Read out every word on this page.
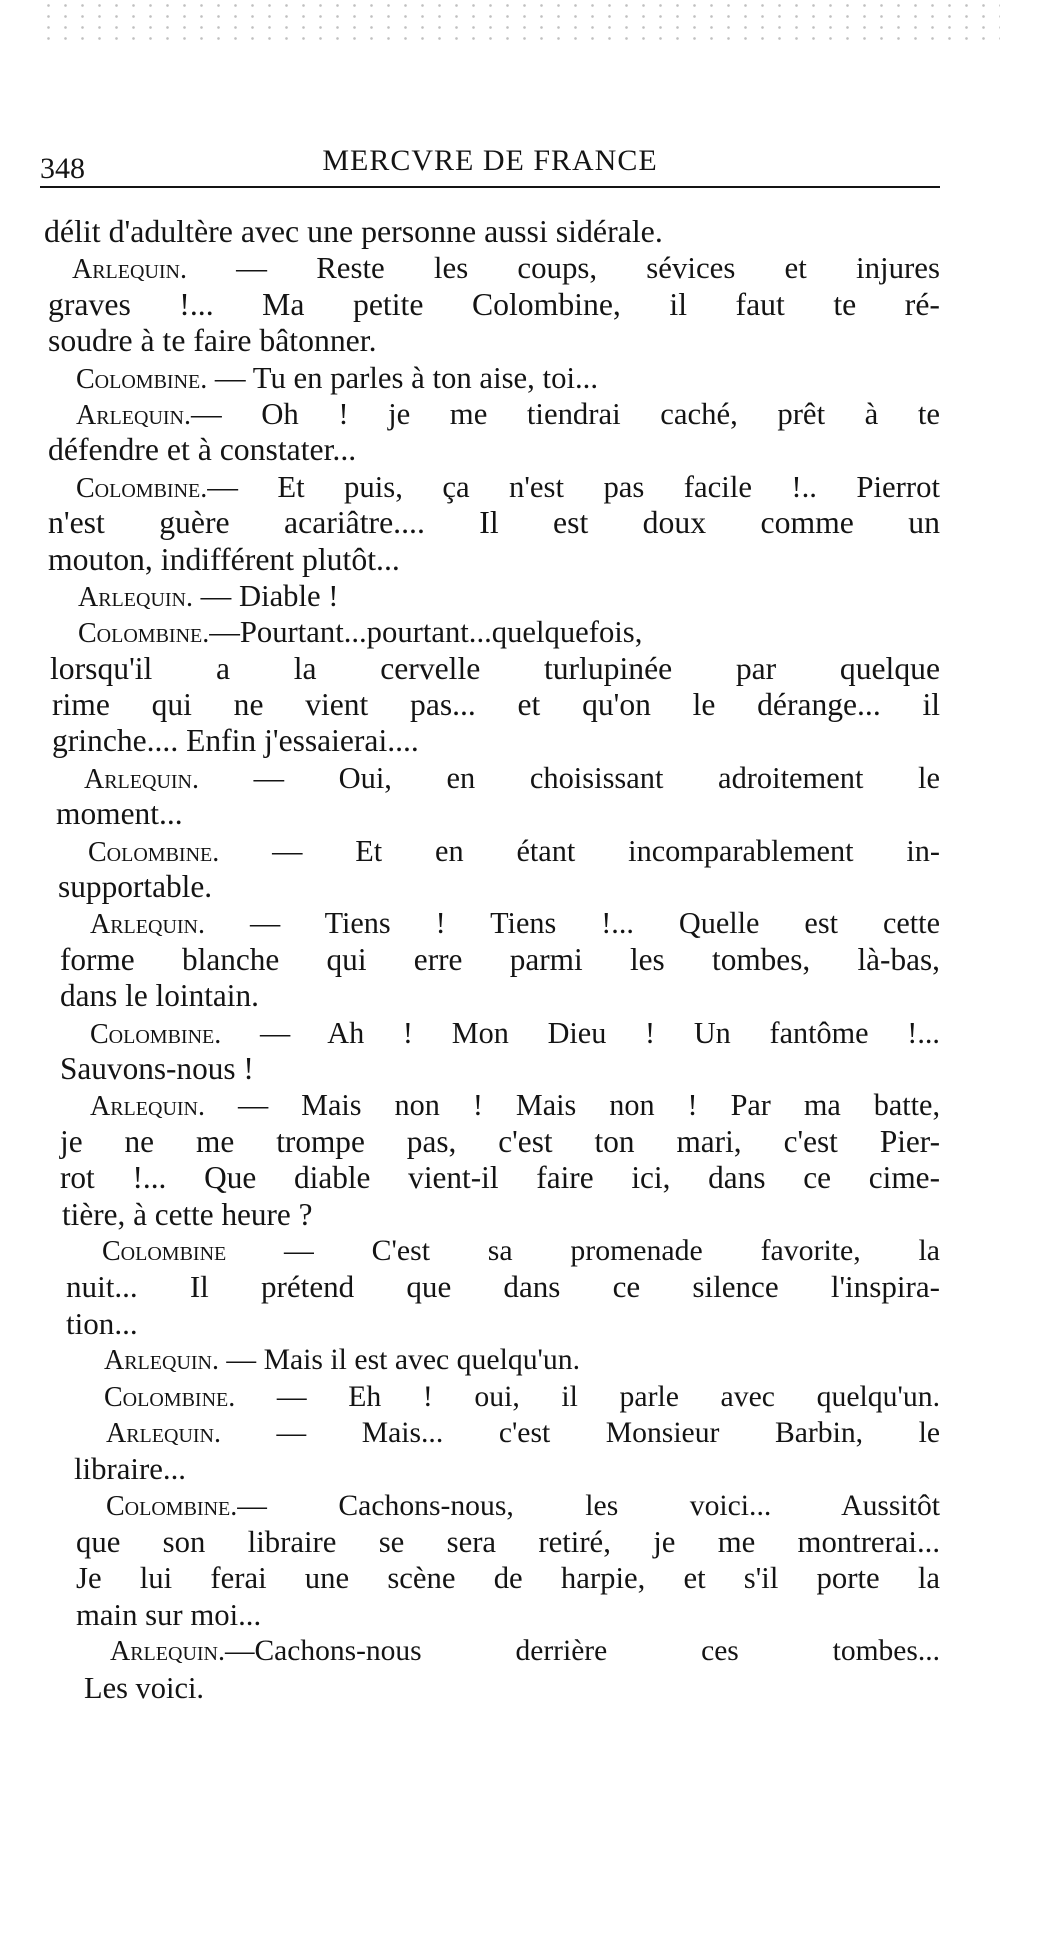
348	MERCVRE DE FRANCE
délit d'adultère avec une personne aussi sidérale.
Arlequin. — Reste les coups, sévices et injures
graves !... Ma petite Colombine, il faut te ré-
soudre à te faire bâtonner.
Colombine. — Tu en parles à ton aise, toi...
Arlequin.— Oh ! je me tiendrai caché, prêt à te
défendre et à constater...
Colombine.— Et puis, ça n'est pas facile !.. Pierrot
n'est guère acariâtre.... Il est doux comme un
mouton, indifférent plutôt...
Arlequin. — Diable !
Colombine.—Pourtant...pourtant...quelquefois,
lorsqu'il a la cervelle turlupinée par quelque
rime qui ne vient pas... et qu'on le dérange... il
grinche.... Enfin j'essaierai....
Arlequin. — Oui, en choisissant adroitement le
moment...
Colombine. — Et en étant incomparablement in-
supportable.
Arlequin. — Tiens ! Tiens !... Quelle est cette
forme blanche qui erre parmi les tombes, là-bas,
dans le lointain.
Colombine. — Ah ! Mon Dieu ! Un fantôme !...
Sauvons-nous !
Arlequin. — Mais non ! Mais non ! Par ma batte,
je ne me trompe pas, c'est ton mari, c'est Pier-
rot !... Que diable vient-il faire ici, dans ce cime-
tière, à cette heure ?
Colombine — C'est sa promenade favorite, la
nuit... Il prétend que dans ce silence l'inspira-
tion...
Arlequin. — Mais il est avec quelqu'un.
Colombine. — Eh ! oui, il parle avec quelqu'un.
Arlequin. — Mais... c'est Monsieur Barbin, le
libraire...
Colombine.— Cachons-nous, les voici... Aussitôt
que son libraire se sera retiré, je me montrerai...
Je lui ferai une scène de harpie, et s'il porte la
main sur moi...
Arlequin.—Cachons-nous derrière ces tombes...
Les voici.
